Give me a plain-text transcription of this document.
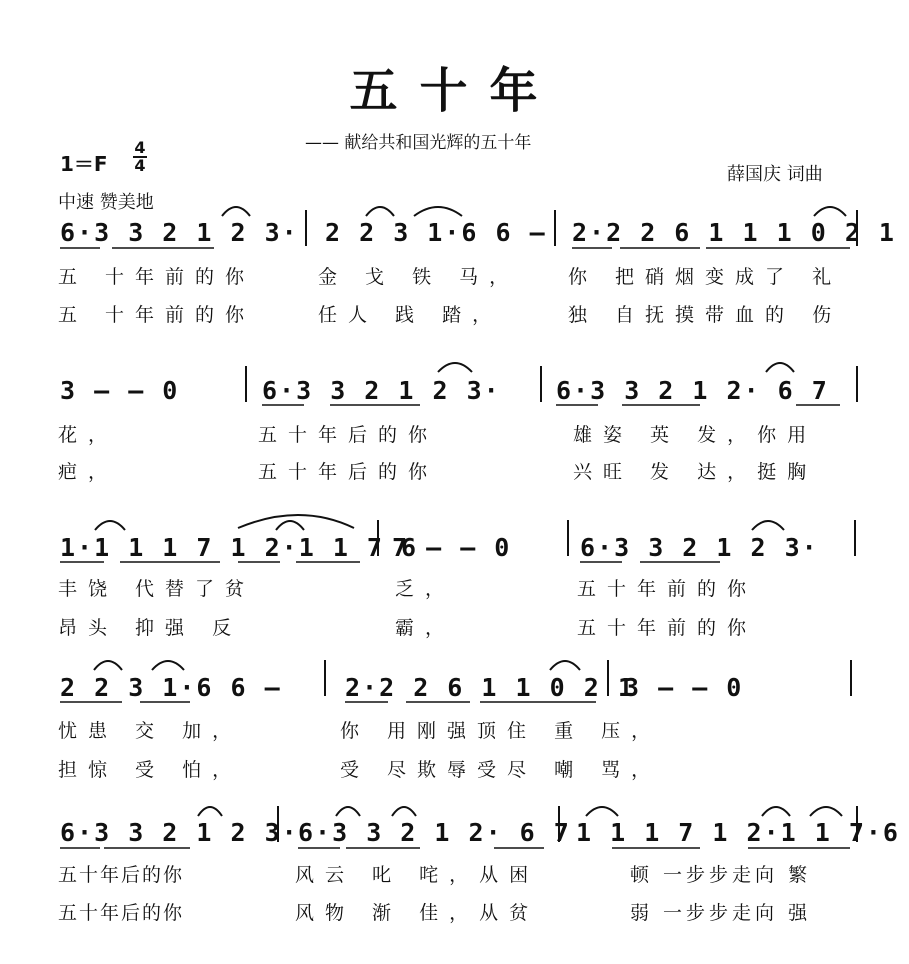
五十年
—— 献给共和国光辉的五十年
1＝F
4
4	薛国庆 词曲
中速 赞美地
6·3 3 2 1 2 3· 2 2 3 1·6 6 – 2·2 2 6 1 1 1 0 2 1
五 十年前的你	金 戈 铁 马，	你 把硝烟变成了 礼
五 十年前的你	任人 践 踏，	独 自抚摸带血的 伤
3 – – 0	6·3 3 2 1 2 3· 6·3 3 2 1 2· 6 7
花，	五十年后的你	雄姿 英 发，你用
疤，	五十年后的你	兴旺 发 达，挺胸
1·1 1 1 7 1 2·1 1 7 6
7 – – 0	6·3 3 2 1 2 3·
丰饶 代替了贫	乏，	五十年前的你
昂头 抑强 反	霸，	五十年前的你
2 2 3 1·6 6 –	2·2 2 6 1 1 0 2 1
3 – – 0
忧患 交 加，	你 用刚强顶住 重 压，
担惊 受 怕，	受 尽欺辱受尽 嘲 骂，
6·3 3 2 1 2 3· 6·3 3 2 1 2· 6 7 1 1 1 7 1 2·1 1 7·6
五十年后的你	风云 叱 咤，从困	顿 一步步走向 繁
五十年后的你	风物 渐 佳，从贫	弱 一步步走向 强
